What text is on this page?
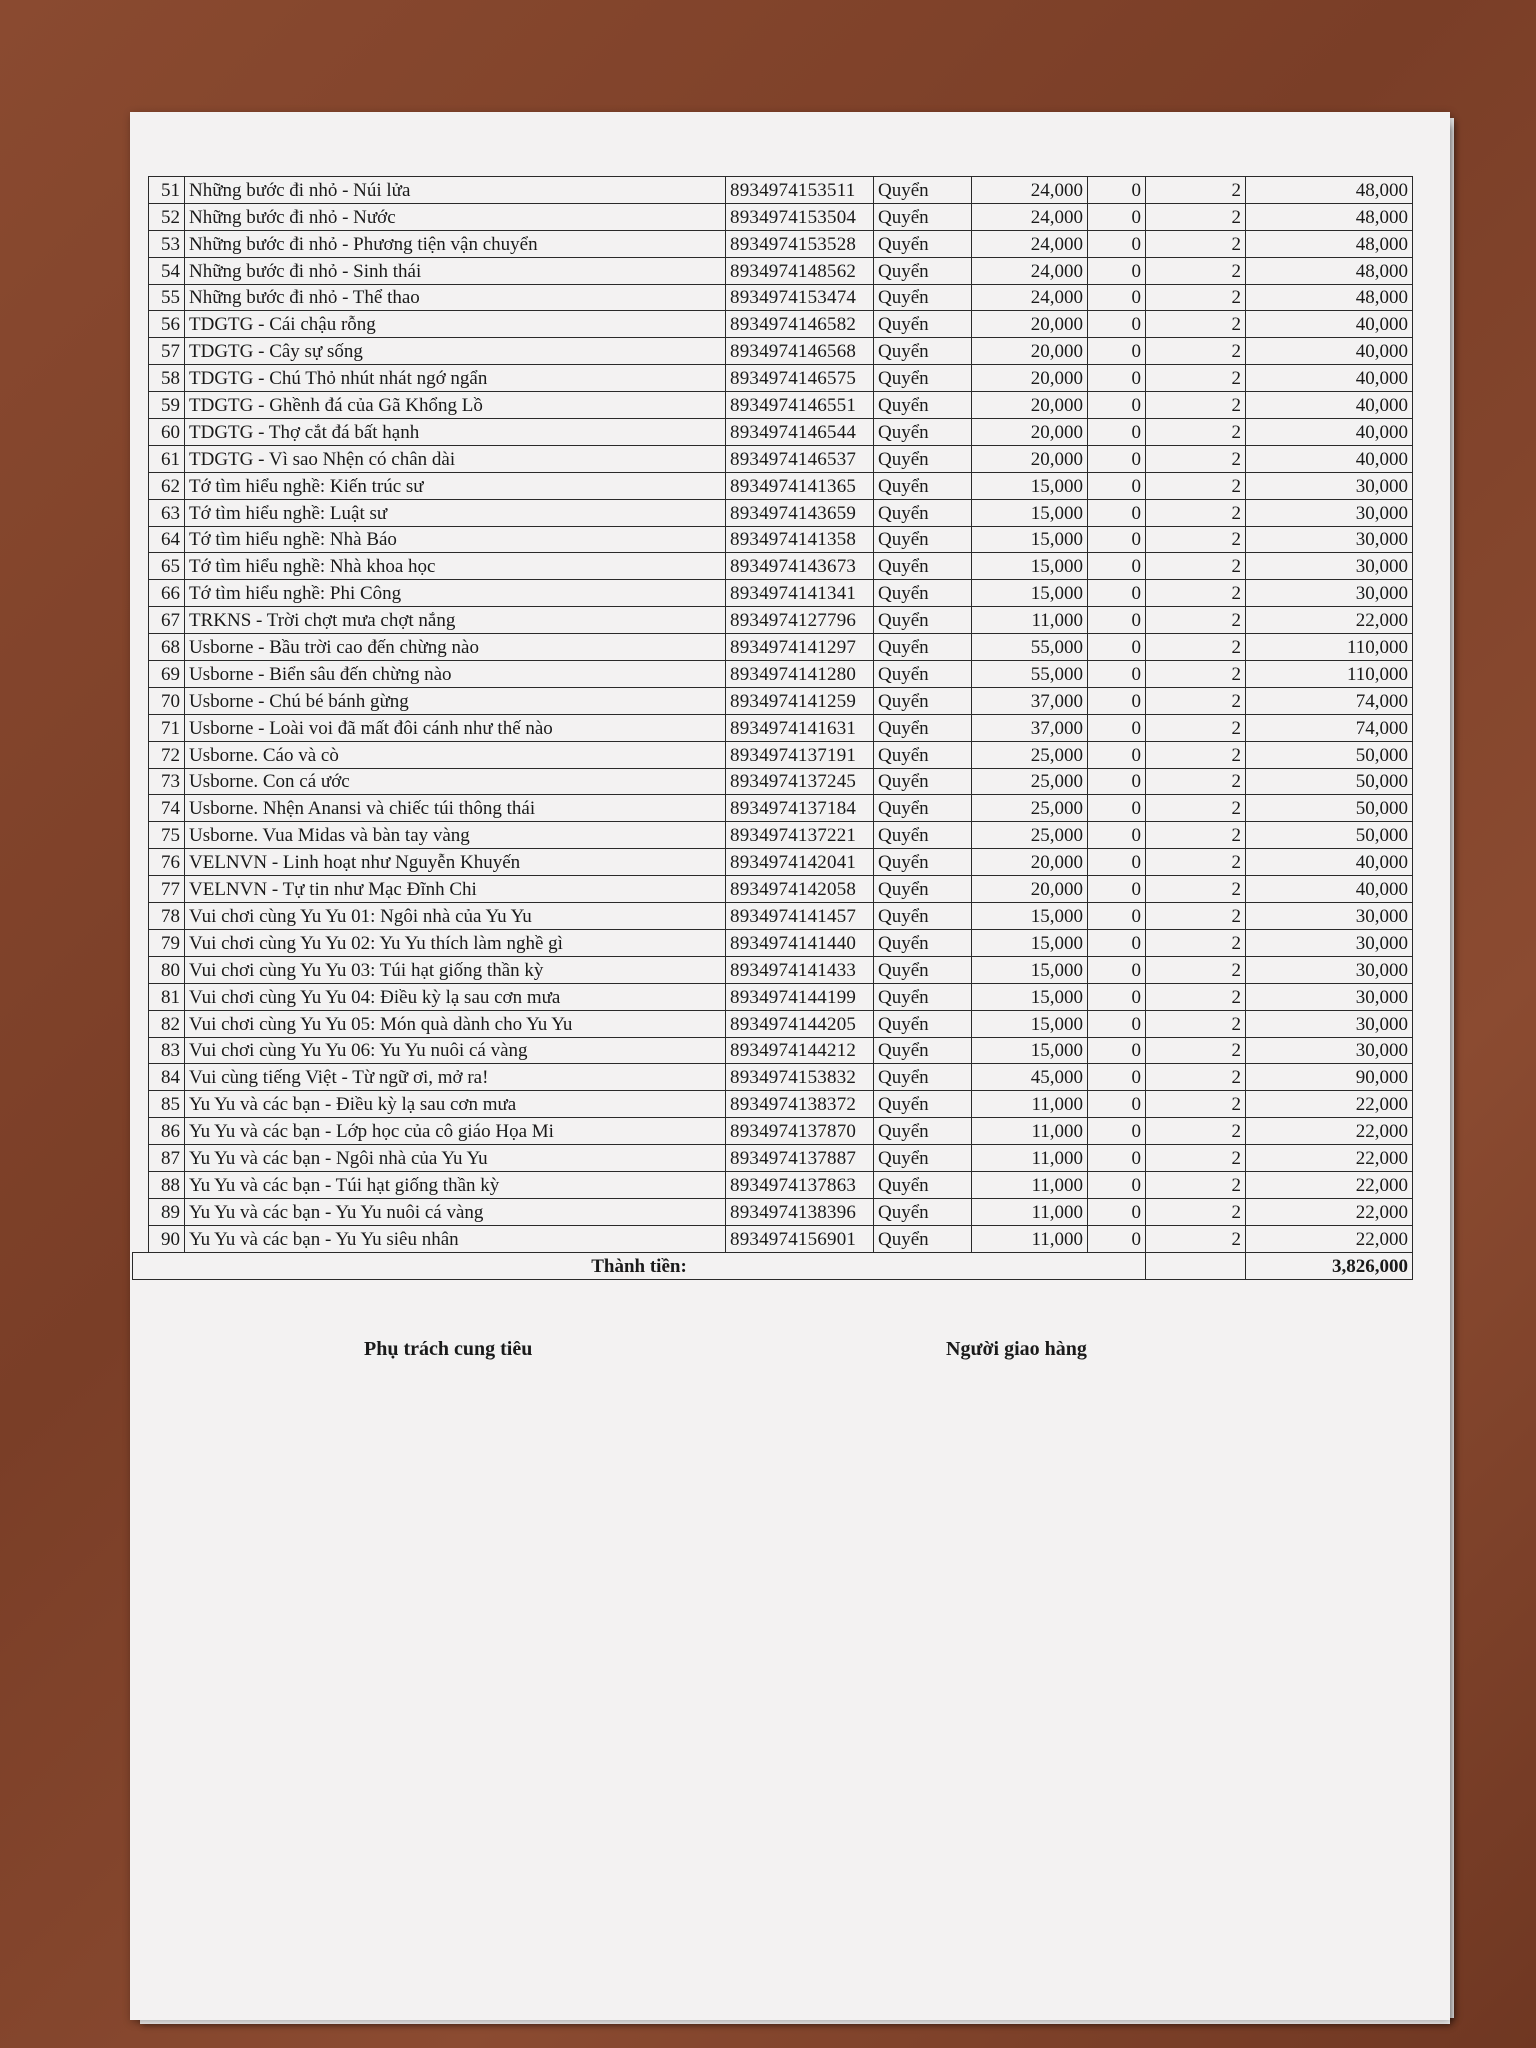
	51	Những bước đi nhỏ - Núi lửa	8934974153511	Quyển	24,000	0	2	48,000
	52	Những bước đi nhỏ - Nước	8934974153504	Quyển	24,000	0	2	48,000
	53	Những bước đi nhỏ - Phương tiện vận chuyển	8934974153528	Quyển	24,000	0	2	48,000
	54	Những bước đi nhỏ - Sinh thái	8934974148562	Quyển	24,000	0	2	48,000
	55	Những bước đi nhỏ - Thể thao	8934974153474	Quyển	24,000	0	2	48,000
	56	TDGTG - Cái chậu rỗng	8934974146582	Quyển	20,000	0	2	40,000
	57	TDGTG - Cây sự sống	8934974146568	Quyển	20,000	0	2	40,000
	58	TDGTG - Chú Thỏ nhút nhát ngớ ngẩn	8934974146575	Quyển	20,000	0	2	40,000
	59	TDGTG - Ghềnh đá của Gã Khổng Lồ	8934974146551	Quyển	20,000	0	2	40,000
	60	TDGTG - Thợ cắt đá bất hạnh	8934974146544	Quyển	20,000	0	2	40,000
	61	TDGTG - Vì sao Nhện có chân dài	8934974146537	Quyển	20,000	0	2	40,000
	62	Tớ tìm hiểu nghề: Kiến trúc sư	8934974141365	Quyển	15,000	0	2	30,000
	63	Tớ tìm hiểu nghề: Luật sư	8934974143659	Quyển	15,000	0	2	30,000
	64	Tớ tìm hiểu nghề: Nhà Báo	8934974141358	Quyển	15,000	0	2	30,000
	65	Tớ tìm hiểu nghề: Nhà khoa học	8934974143673	Quyển	15,000	0	2	30,000
	66	Tớ tìm hiểu nghề: Phi Công	8934974141341	Quyển	15,000	0	2	30,000
	67	TRKNS - Trời chợt mưa chợt nắng	8934974127796	Quyển	11,000	0	2	22,000
	68	Usborne - Bầu trời cao đến chừng nào	8934974141297	Quyển	55,000	0	2	110,000
	69	Usborne - Biển sâu đến chừng nào	8934974141280	Quyển	55,000	0	2	110,000
	70	Usborne - Chú bé bánh gừng	8934974141259	Quyển	37,000	0	2	74,000
	71	Usborne - Loài voi đã mất đôi cánh như thế nào	8934974141631	Quyển	37,000	0	2	74,000
	72	Usborne. Cáo và cò	8934974137191	Quyển	25,000	0	2	50,000
	73	Usborne. Con cá ước	8934974137245	Quyển	25,000	0	2	50,000
	74	Usborne. Nhện Anansi và chiếc túi thông thái	8934974137184	Quyển	25,000	0	2	50,000
	75	Usborne. Vua Midas và bàn tay vàng	8934974137221	Quyển	25,000	0	2	50,000
	76	VELNVN - Linh hoạt như Nguyễn Khuyến	8934974142041	Quyển	20,000	0	2	40,000
	77	VELNVN - Tự tin như Mạc Đĩnh Chi	8934974142058	Quyển	20,000	0	2	40,000
	78	Vui chơi cùng Yu Yu 01: Ngôi nhà của Yu Yu	8934974141457	Quyển	15,000	0	2	30,000
	79	Vui chơi cùng Yu Yu 02: Yu Yu thích làm nghề gì	8934974141440	Quyển	15,000	0	2	30,000
	80	Vui chơi cùng Yu Yu 03: Túi hạt giống thần kỳ	8934974141433	Quyển	15,000	0	2	30,000
	81	Vui chơi cùng Yu Yu 04: Điều kỳ lạ sau cơn mưa	8934974144199	Quyển	15,000	0	2	30,000
	82	Vui chơi cùng Yu Yu 05: Món quà dành cho Yu Yu	8934974144205	Quyển	15,000	0	2	30,000
	83	Vui chơi cùng Yu Yu 06: Yu Yu nuôi cá vàng	8934974144212	Quyển	15,000	0	2	30,000
	84	Vui cùng tiếng Việt - Từ ngữ ơi, mở ra!	8934974153832	Quyển	45,000	0	2	90,000
	85	Yu Yu và các bạn - Điều kỳ lạ sau cơn mưa	8934974138372	Quyển	11,000	0	2	22,000
	86	Yu Yu và các bạn - Lớp học của cô giáo Họa Mi	8934974137870	Quyển	11,000	0	2	22,000
	87	Yu Yu và các bạn - Ngôi nhà của Yu Yu	8934974137887	Quyển	11,000	0	2	22,000
	88	Yu Yu và các bạn - Túi hạt giống thần kỳ	8934974137863	Quyển	11,000	0	2	22,000
	89	Yu Yu và các bạn - Yu Yu nuôi cá vàng	8934974138396	Quyển	11,000	0	2	22,000
	90	Yu Yu và các bạn - Yu Yu siêu nhân	8934974156901	Quyển	11,000	0	2	22,000
Thành tiền:								3,826,000
Phụ trách cung tiêu	Người giao hàng
